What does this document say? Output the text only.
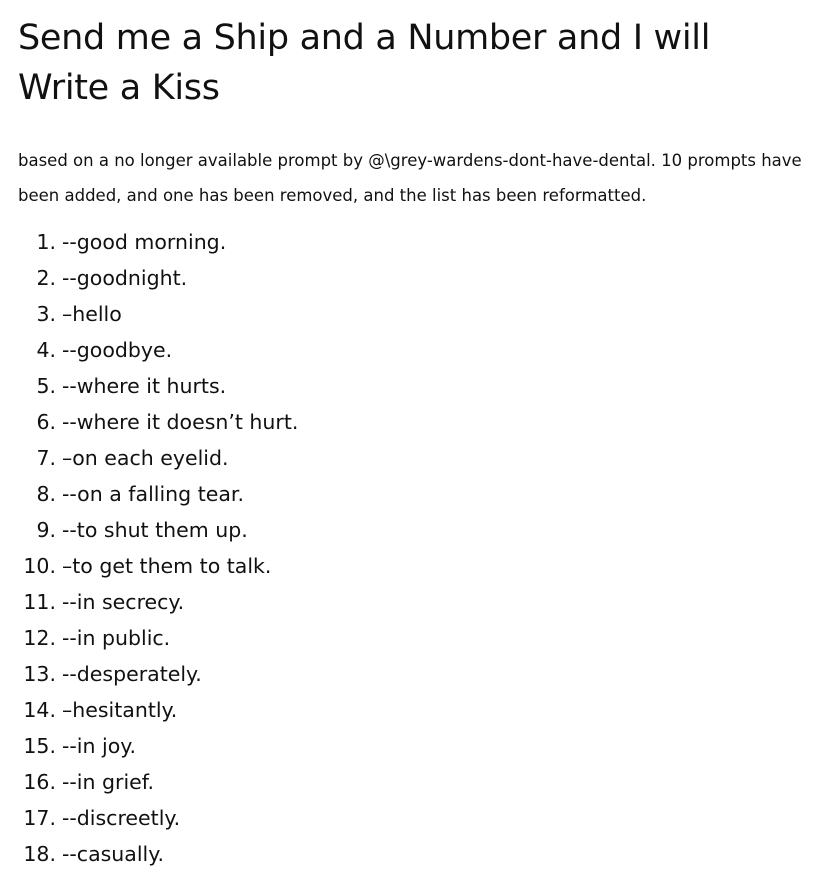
Send me a Ship and a Number and I will Write a Kiss

based on a no longer available prompt by @\grey-wardens-dont-have-dental. 10 prompts have been added, and one has been removed, and the list has been reformatted.

1. --good morning.
2. --goodnight.
3. –hello
4. --goodbye.
5. --where it hurts.
6. --where it doesn’t hurt.
7. –on each eyelid.
8. --on a falling tear.
9. --to shut them up.
10. –to get them to talk.
11. --in secrecy.
12. --in public.
13. --desperately.
14. –hesitantly.
15. --in joy.
16. --in grief.
17. --discreetly.
18. --casually.
